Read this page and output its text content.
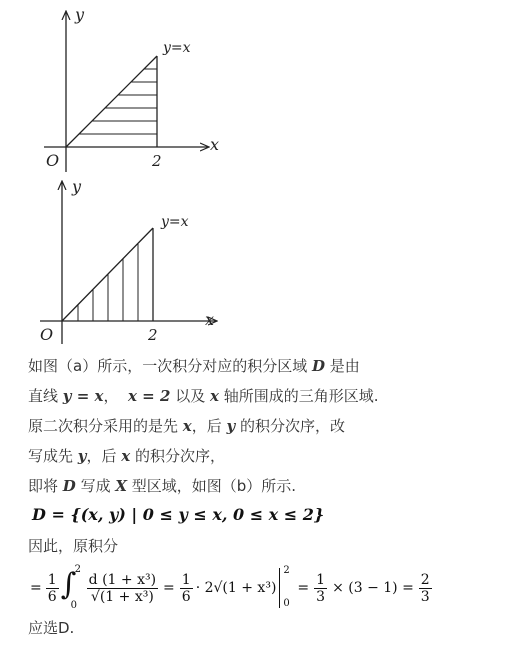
y=x
y
x
O	2
y=x
y
x
O	2
如图（a）所示，一次积分对应的积分区域 D 是由
直线 y = x， x = 2 以及 x 轴所围成的三角形区域.
原二次积分采用的是先 x，后 y 的积分次序，改
写成先 y，后 x 的积分次序，
即将 D 写成 X 型区域，如图（b）所示.
D = {(x, y) | 0 ≤ y ≤ x, 0 ≤ x ≤ 2}
因此，原积分
= $\frac{1}{6}$ ∫
2
0
$\frac{\text{d (1 + x³)}}{\text{√(1 + x³)}} = \frac{1}{6} \cdot 2√(1 + x^3)$
2
0
= $\frac{1}{3} \times (3 - 1) = \frac{2}{3}$
应选D.
